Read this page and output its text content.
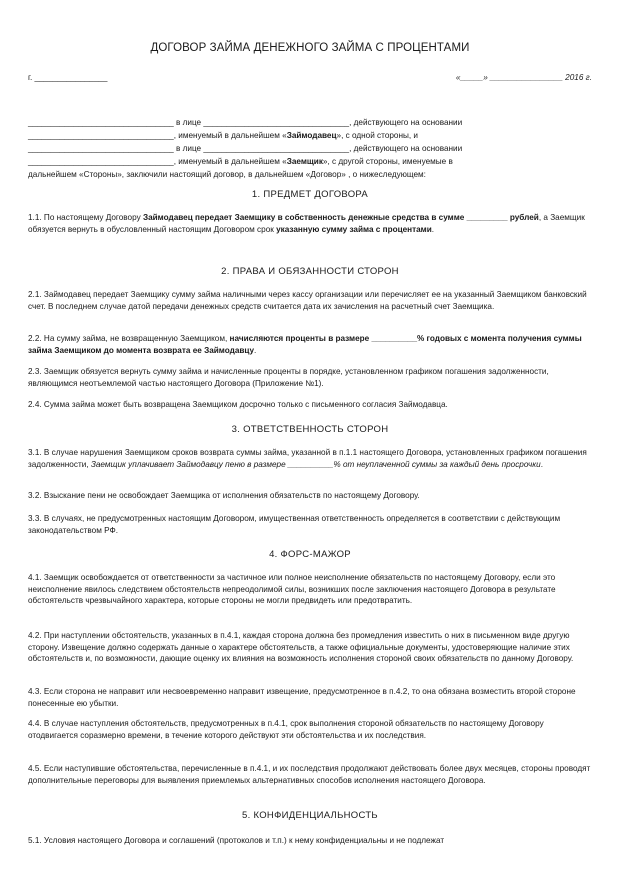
ДОГОВОР ЗАЙМА ДЕНЕЖНОГО ЗАЙМА С ПРОЦЕНТАМИ
г. ________________	«_____» ________________ 2016 г.
________________________________ в лице ________________________________, действующего на основании
________________________________, именуемый в дальнейшем «Займодавец», с одной стороны, и
________________________________ в лице ________________________________, действующего на основании
________________________________, именуемый в дальнейшем «Заемщик», с другой стороны, именуемые в
дальнейшем «Стороны», заключили настоящий договор, в дальнейшем «Договор» , о нижеследующем:
1. ПРЕДМЕТ ДОГОВОРА
1.1. По настоящему Договору Займодавец передает Заемщику в собственность денежные средства в сумме _________ рублей, а Заемщик обязуется вернуть в обусловленный настоящим Договором срок указанную сумму займа с процентами.
2. ПРАВА И ОБЯЗАННОСТИ СТОРОН
2.1. Займодавец передает Заемщику сумму займа наличными через кассу организации или перечисляет ее на указанный Заемщиком банковский счет. В последнем случае датой передачи денежных средств считается дата их зачисления на расчетный счет Заемщика.
2.2. На сумму займа, не возвращенную Заемщиком, начисляются проценты в размере __________% годовых с момента получения суммы займа Заемщиком до момента возврата ее Займодавцу.
2.3. Заемщик обязуется вернуть сумму займа и начисленные проценты в порядке, установленном графиком погашения задолженности, являющимся неотъемлемой частью настоящего Договора (Приложение №1).
2.4. Сумма займа может быть возвращена Заемщиком досрочно только с письменного согласия Займодавца.
3. ОТВЕТСТВЕННОСТЬ СТОРОН
3.1. В случае нарушения Заемщиком сроков возврата суммы займа, указанной в п.1.1 настоящего Договора, установленных графиком погашения задолженности, Заемщик уплачивает Займодавцу пеню в размере __________% от неуплаченной суммы за каждый день просрочки.
3.2. Взыскание пени не освобождает Заемщика от исполнения обязательств по настоящему Договору.
3.3. В случаях, не предусмотренных настоящим Договором, имущественная ответственность определяется в соответствии с действующим законодательством РФ.
4. ФОРС-МАЖОР
4.1. Заемщик освобождается от ответственности за частичное или полное неисполнение обязательств по настоящему Договору, если это неисполнение явилось следствием обстоятельств непреодолимой силы, возникших после заключения настоящего Договора в результате обстоятельств чрезвычайного характера, которые стороны не могли предвидеть или предотвратить.
4.2. При наступлении обстоятельств, указанных в п.4.1, каждая сторона должна без промедления известить о них в письменном виде другую сторону. Извещение должно содержать данные о характере обстоятельств, а также официальные документы, удостоверяющие наличие этих обстоятельств и, по возможности, дающие оценку их влияния на возможность исполнения стороной своих обязательств по данному Договору.
4.3. Если сторона не направит или несвоевременно направит извещение, предусмотренное в п.4.2, то она обязана возместить второй стороне понесенные ею убытки.
4.4. В случае наступления обстоятельств, предусмотренных в п.4.1, срок выполнения стороной обязательств по настоящему Договору отодвигается соразмерно времени, в течение которого действуют эти обстоятельства и их последствия.
4.5. Если наступившие обстоятельства, перечисленные в п.4.1, и их последствия продолжают действовать более двух месяцев, стороны проводят дополнительные переговоры для выявления приемлемых альтернативных способов исполнения настоящего Договора.
5. КОНФИДЕНЦИАЛЬНОСТЬ
5.1. Условия настоящего Договора и соглашений (протоколов и т.п.) к нему конфиденциальны и не подлежат
